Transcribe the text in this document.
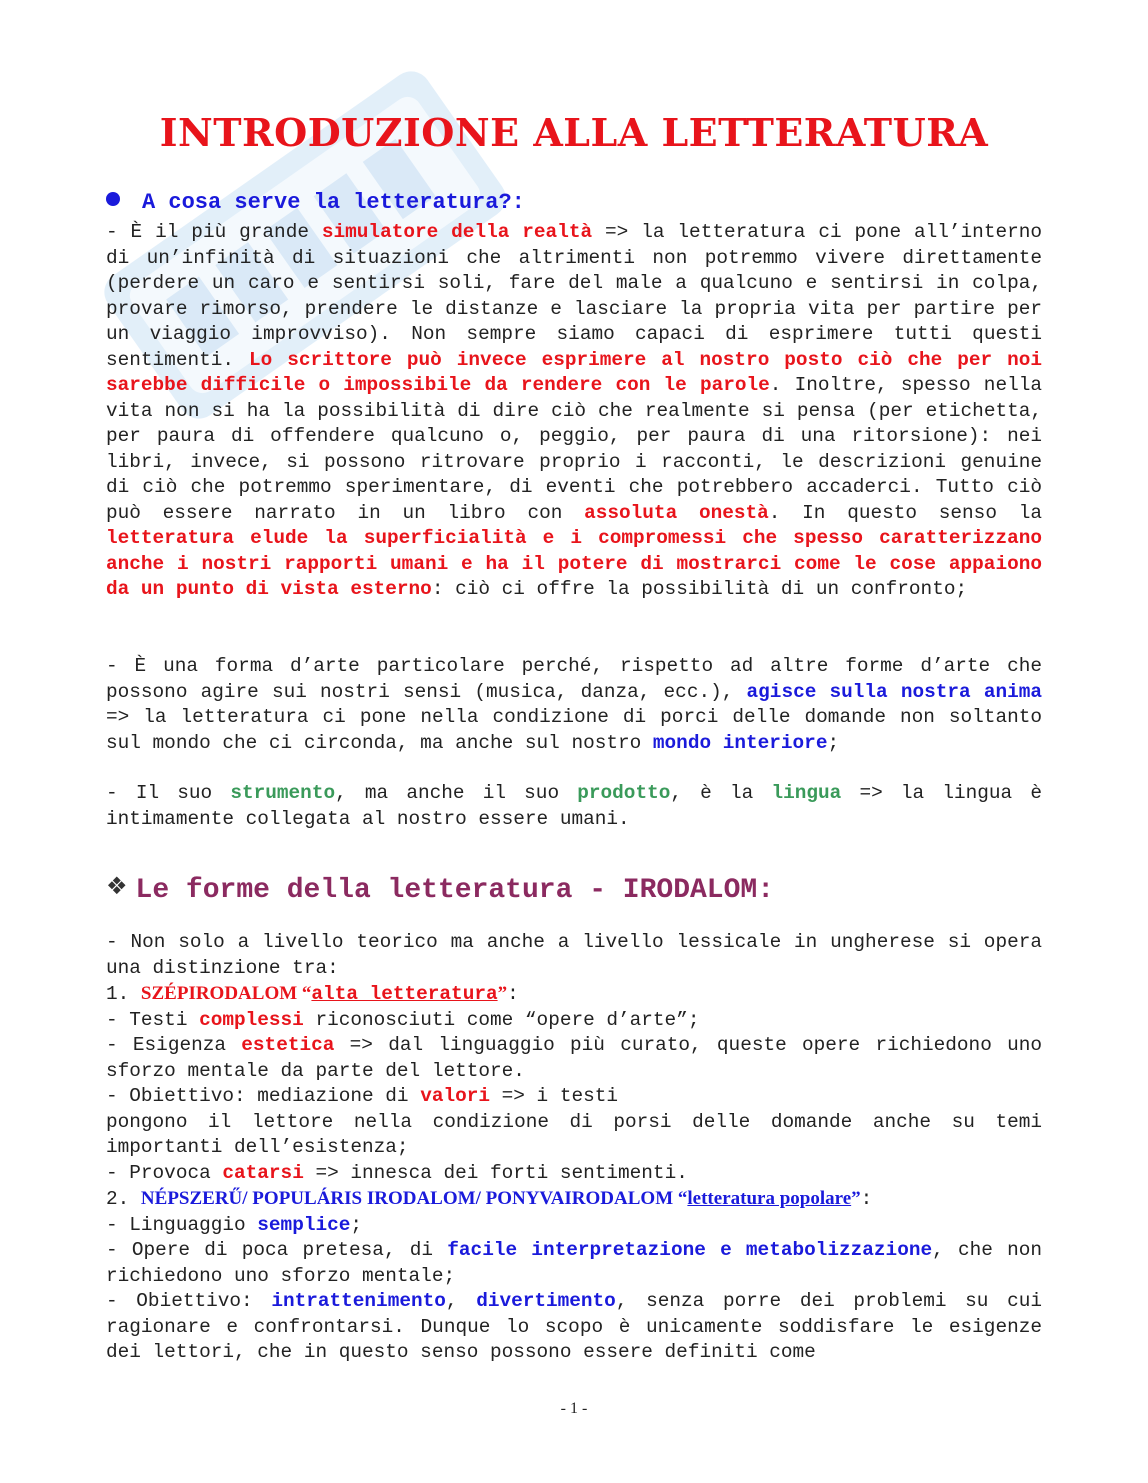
INTRODUZIONE ALLA LETTERATURA
A cosa serve la letteratura?:
- È il più grande simulatore della realtà => la letteratura ci pone all’interno di un’infinità di situazioni che altrimenti non potremmo vivere direttamente (perdere un caro e sentirsi soli, fare del male a qualcuno e sentirsi in colpa, provare rimorso, prendere le distanze e lasciare la propria vita per partire per un viaggio improvviso). Non sempre siamo capaci di esprimere tutti questi sentimenti. Lo scrittore può invece esprimere al nostro posto ciò che per noi sarebbe difficile o impossibile da rendere con le parole. Inoltre, spesso nella vita non si ha la possibilità di dire ciò che realmente si pensa (per etichetta, per paura di offendere qualcuno o, peggio, per paura di una ritorsione): nei libri, invece, si possono ritrovare proprio i racconti, le descrizioni genuine di ciò che potremmo sperimentare, di eventi che potrebbero accaderci. Tutto ciò può essere narrato in un libro con assoluta onestà. In questo senso la letteratura elude la superficialità e i compromessi che spesso caratterizzano anche i nostri rapporti umani e ha il potere di mostrarci come le cose appaiono da un punto di vista esterno: ciò ci offre la possibilità di un confronto;
- È una forma d’arte particolare perché, rispetto ad altre forme d’arte che possono agire sui nostri sensi (musica, danza, ecc.), agisce sulla nostra anima => la letteratura ci pone nella condizione di porci delle domande non soltanto sul mondo che ci circonda, ma anche sul nostro mondo interiore;
- Il suo strumento, ma anche il suo prodotto, è la lingua => la lingua è intimamente collegata al nostro essere umani.
❖ Le forme della letteratura - IRODALOM:
- Non solo a livello teorico ma anche a livello lessicale in ungherese si opera una distinzione tra:
1. SZÉPIRODALOM “alta letteratura”:
- Testi complessi riconosciuti come “opere d’arte”;
- Esigenza estetica => dal linguaggio più curato, queste opere richiedono uno sforzo mentale da parte del lettore.
- Obiettivo: mediazione di valori => i testi
pongono il lettore nella condizione di porsi delle domande anche su temi importanti dell’esistenza;
- Provoca catarsi => innesca dei forti sentimenti.
2. NÉPSZERŰ/ POPULÁRIS IRODALOM/ PONYVAIRODALOM “letteratura popolare”:
- Linguaggio semplice;
- Opere di poca pretesa, di facile interpretazione e metabolizzazione, che non richiedono uno sforzo mentale;
- Obiettivo: intrattenimento, divertimento, senza porre dei problemi su cui ragionare e confrontarsi. Dunque lo scopo è unicamente soddisfare le esigenze dei lettori, che in questo senso possono essere definiti come
- 1 -
